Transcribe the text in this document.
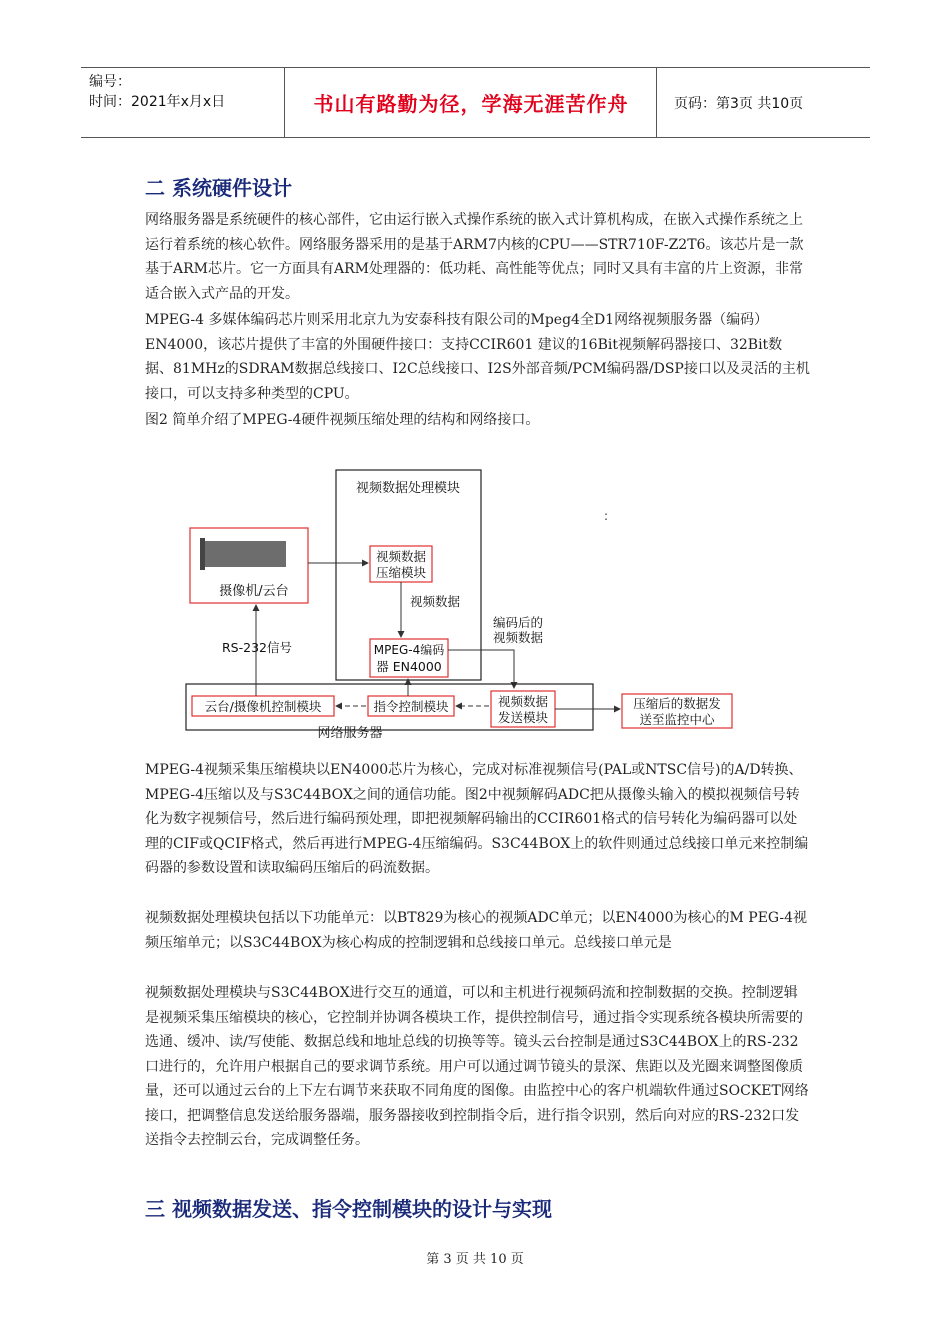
编号：
时间：2021年x月x日	书山有路勤为径，学海无涯苦作舟	页码：第3页 共10页
二 系统硬件设计

网络服务器是系统硬件的核心部件，它由运行嵌入式操作系统的嵌入式计算机构成，在嵌入式操作系统之上运行着系统的核心软件。网络服务器采用的是基于ARM7内核的CPU——STR710F-Z2T6。该芯片是一款基于ARM芯片。它一方面具有ARM处理器的：低功耗、高性能等优点；同时又具有丰富的片上资源，非常适合嵌入式产品的开发。

MPEG-4 多媒体编码芯片则采用北京九为安泰科技有限公司的Mpeg4全D1网络视频服务器（编码）EN4000，该芯片提供了丰富的外围硬件接口：支持CCIR601 建议的16Bit视频解码器接口、32Bit数据、81MHz的SDRAM数据总线接口、I2C总线接口、I2S外部音频/PCM编码器/DSP接口以及灵活的主机接口，可以支持多种类型的CPU。

图2 简单介绍了MPEG-4硬件视频压缩处理的结构和网络接口。

视频数据处理模块
摄像机/云台
视频数据
压缩模块
视频数据
MPEG-4编码
器 EN4000
编码后的
视频数据
网络服务器
云台/摄像机控制模块	指令控制模块	视频数据
发送模块
压缩后的数据发
送至监控中心
RS-232信号
:

MPEG-4视频采集压缩模块以EN4000芯片为核心，完成对标准视频信号(PAL或NTSC信号)的A/D转换、MPEG-4压缩以及与S3C44BOX之间的通信功能。图2中视频解码ADC把从摄像头输入的模拟视频信号转化为数字视频信号，然后进行编码预处理，即把视频解码输出的CCIR601格式的信号转化为编码器可以处理的CIF或QCIF格式，然后再进行MPEG-4压缩编码。S3C44BOX上的软件则通过总线接口单元来控制编码器的参数设置和读取编码压缩后的码流数据。

视频数据处理模块包括以下功能单元：以BT829为核心的视频ADC单元；以EN4000为核心的M PEG-4视频压缩单元；以S3C44BOX为核心构成的控制逻辑和总线接口单元。总线接口单元是

视频数据处理模块与S3C44BOX进行交互的通道，可以和主机进行视频码流和控制数据的交换。控制逻辑是视频采集压缩模块的核心，它控制并协调各模块工作，提供控制信号，通过指令实现系统各模块所需要的选通、缓冲、读/写使能、数据总线和地址总线的切换等等。镜头云台控制是通过S3C44BOX上的RS-232口进行的，允许用户根据自己的要求调节系统。用户可以通过调节镜头的景深、焦距以及光圈来调整图像质量，还可以通过云台的上下左右调节来获取不同角度的图像。由监控中心的客户机端软件通过SOCKET网络接口，把调整信息发送给服务器端，服务器接收到控制指令后，进行指令识别，然后向对应的RS-232口发送指令去控制云台，完成调整任务。

三 视频数据发送、指令控制模块的设计与实现
第 3 页 共 10 页
